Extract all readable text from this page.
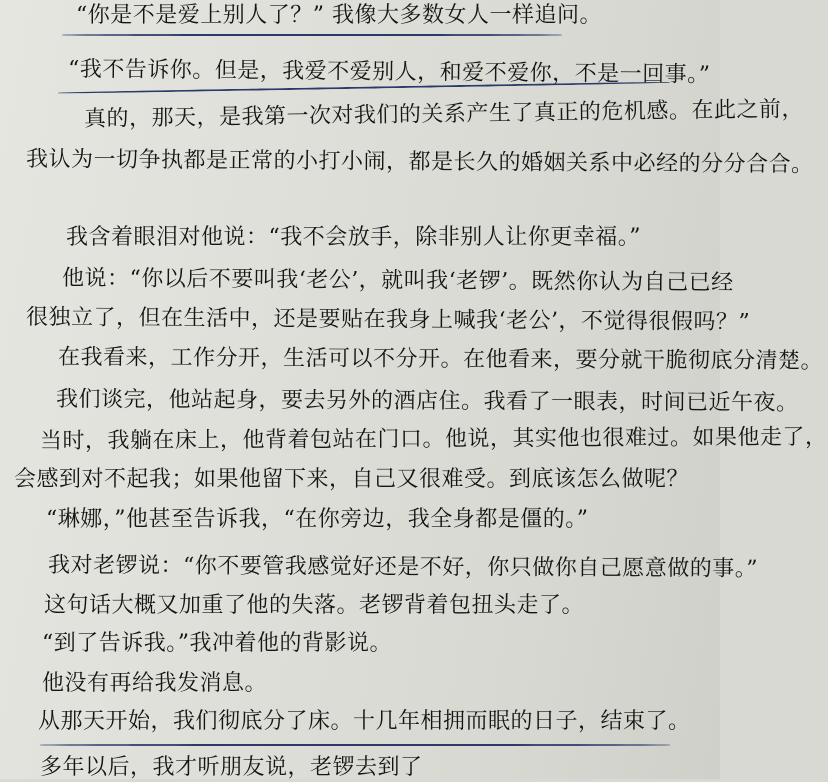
“你是不是爱上别人了？” 我像大多数女人一样追问。
“我不告诉你。但是，我爱不爱别人，和爱不爱你，不是一回事。”
真的，那天，是我第一次对我们的关系产生了真正的危机感。在此之前，
我认为一切争执都是正常的小打小闹，都是长久的婚姻关系中必经的分分合合。
我含着眼泪对他说：“我不会放手，除非别人让你更幸福。”
他说：“你以后不要叫我‘老公’，就叫我‘老锣’。既然你认为自己已经
很独立了，但在生活中，还是要贴在我身上喊我‘老公’，不觉得很假吗？”
在我看来，工作分开，生活可以不分开。在他看来，要分就干脆彻底分清楚。
我们谈完，他站起身，要去另外的酒店住。我看了一眼表，时间已近午夜。
当时，我躺在床上，他背着包站在门口。他说，其实他也很难过。如果他走了，
会感到对不起我；如果他留下来，自己又很难受。到底该怎么做呢？
“琳娜，”他甚至告诉我，“在你旁边，我全身都是僵的。”
我对老锣说：“你不要管我感觉好还是不好，你只做你自己愿意做的事。”
这句话大概又加重了他的失落。老锣背着包扭头走了。
“到了告诉我。”我冲着他的背影说。
他没有再给我发消息。
从那天开始，我们彻底分了床。十几年相拥而眠的日子，结束了。
多年以后，我才听朋友说，老锣去到了
